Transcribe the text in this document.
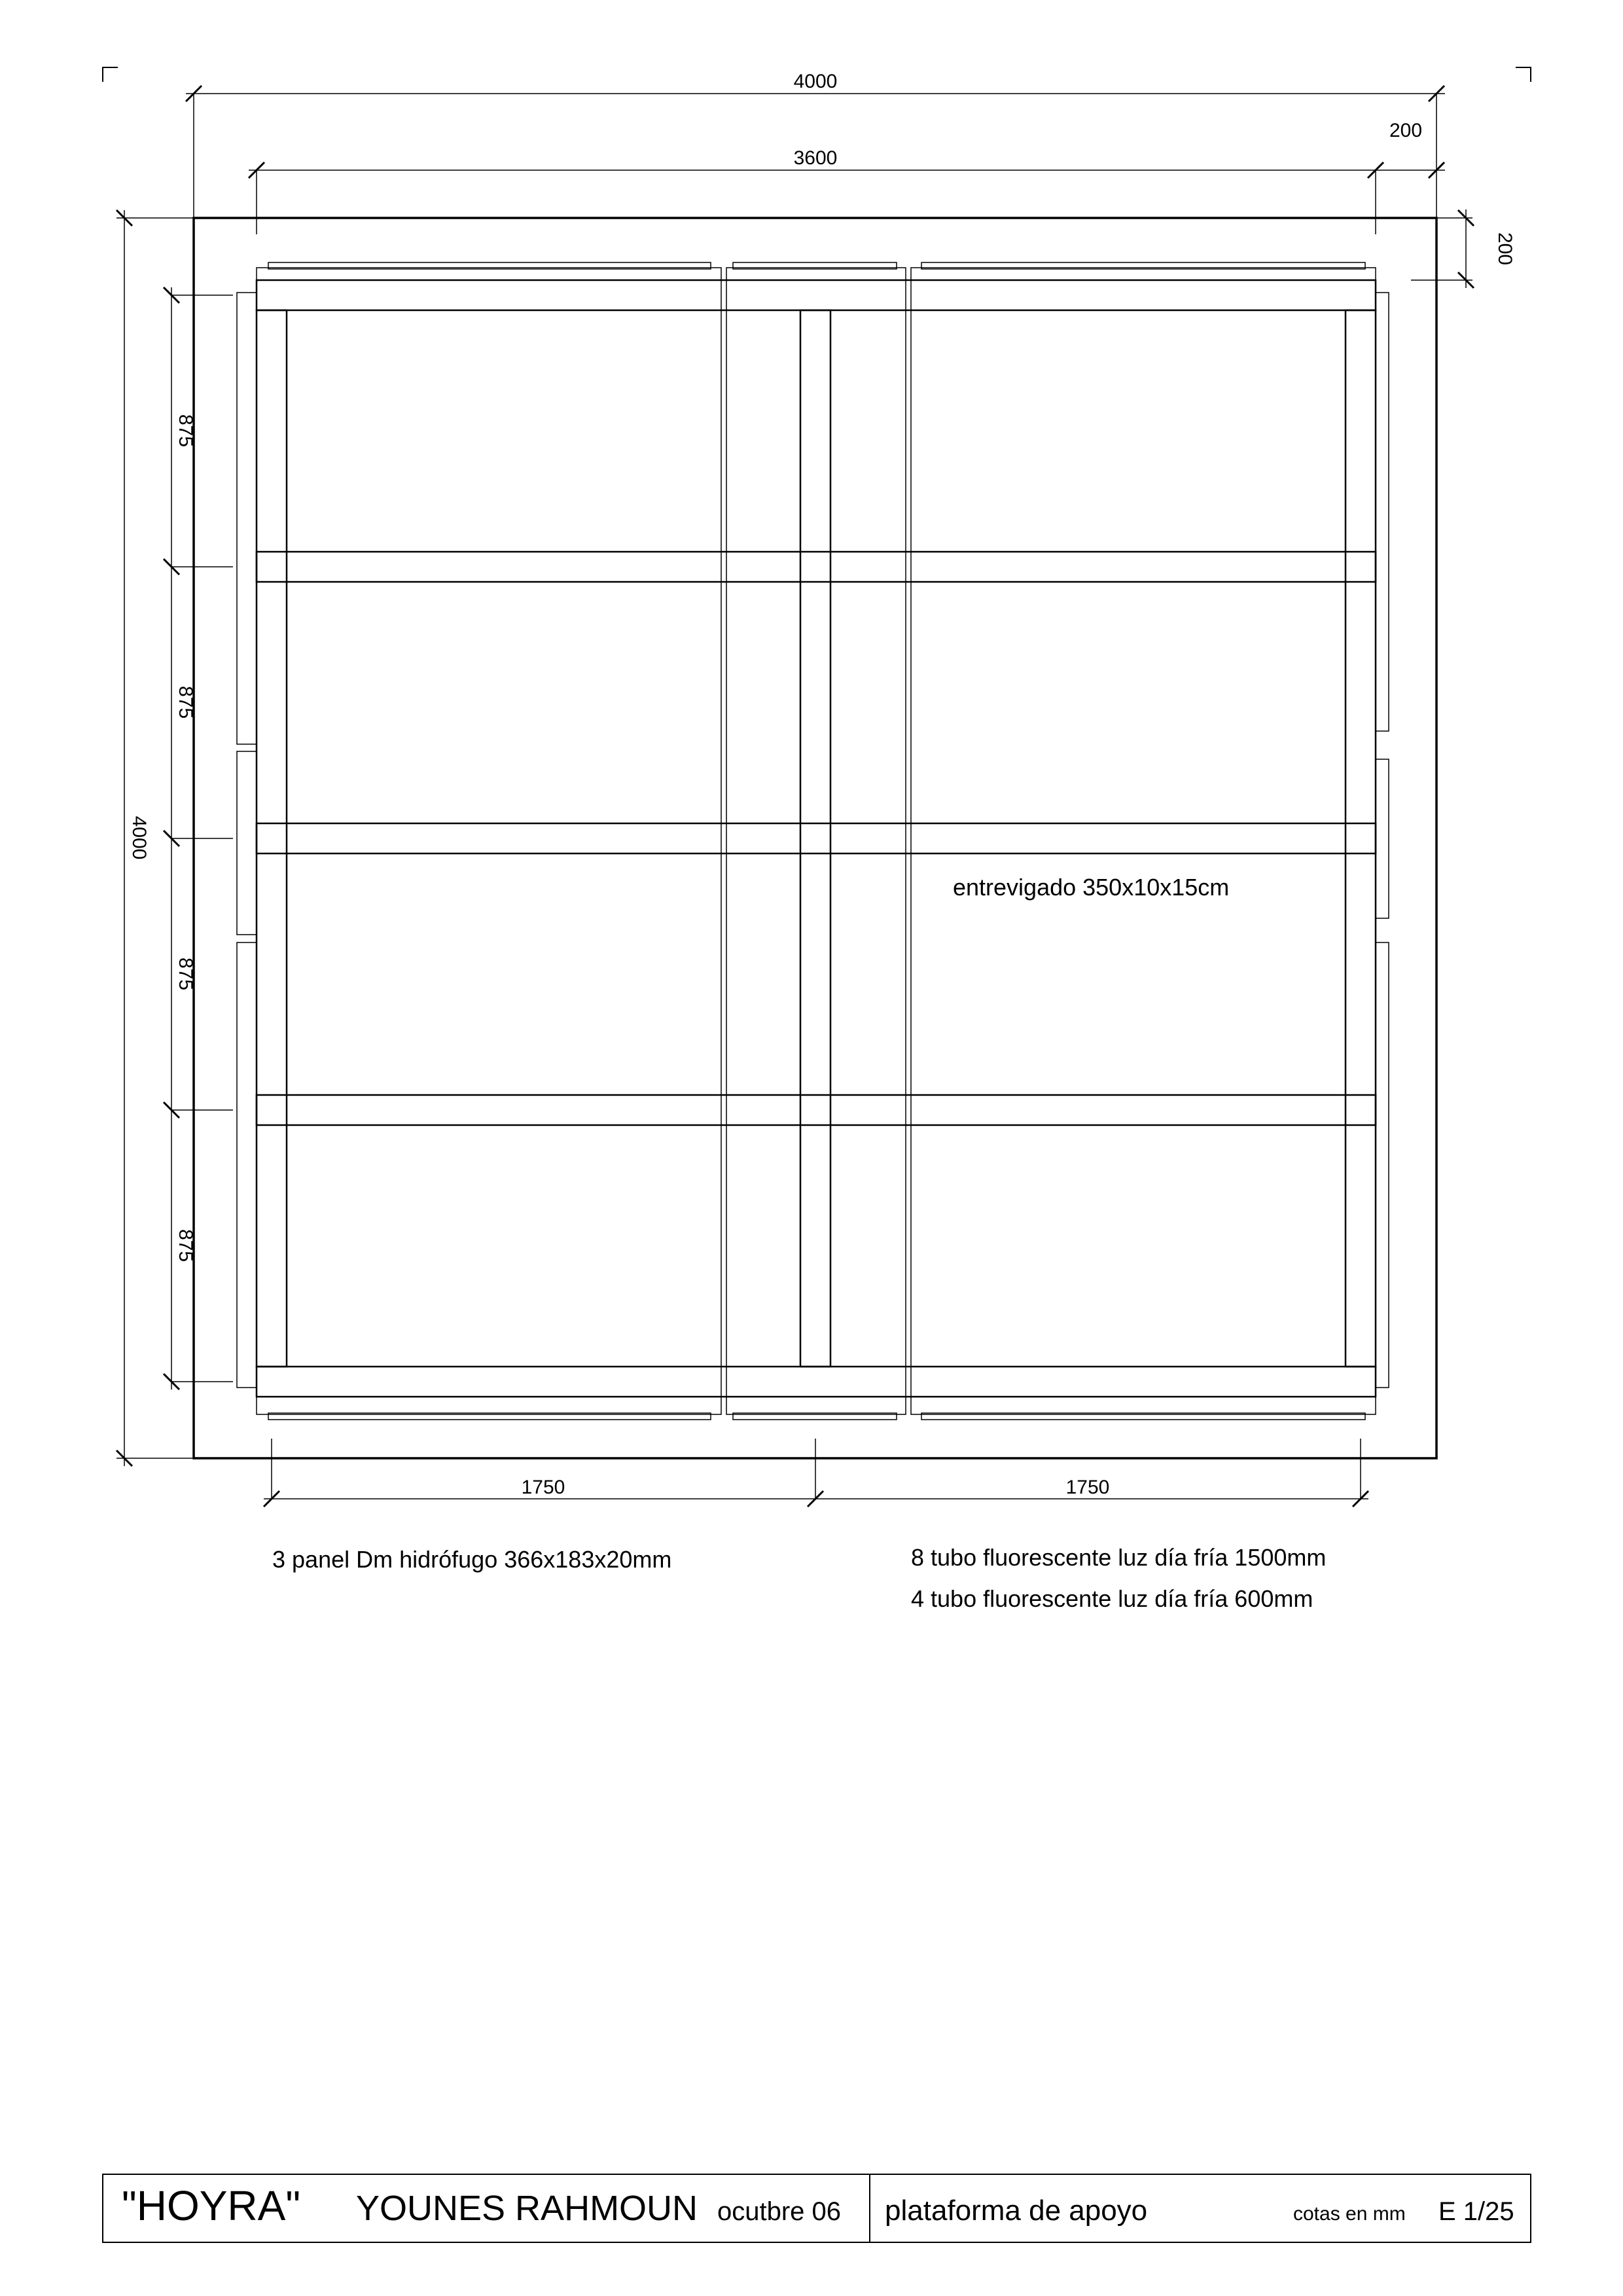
4000
200
3600
200
4000
875
875
875
875
1750	1750
entrevigado 350x10x15cm
3 panel Dm hidrófugo 366x183x20mm	8 tubo fluorescente luz día fría 1500mm
4 tubo fluorescente luz día fría 600mm
"HOYRA" YOUNES RAHMOUN ocutbre 06 plataforma de apoyo	cotas en mm E 1/25
